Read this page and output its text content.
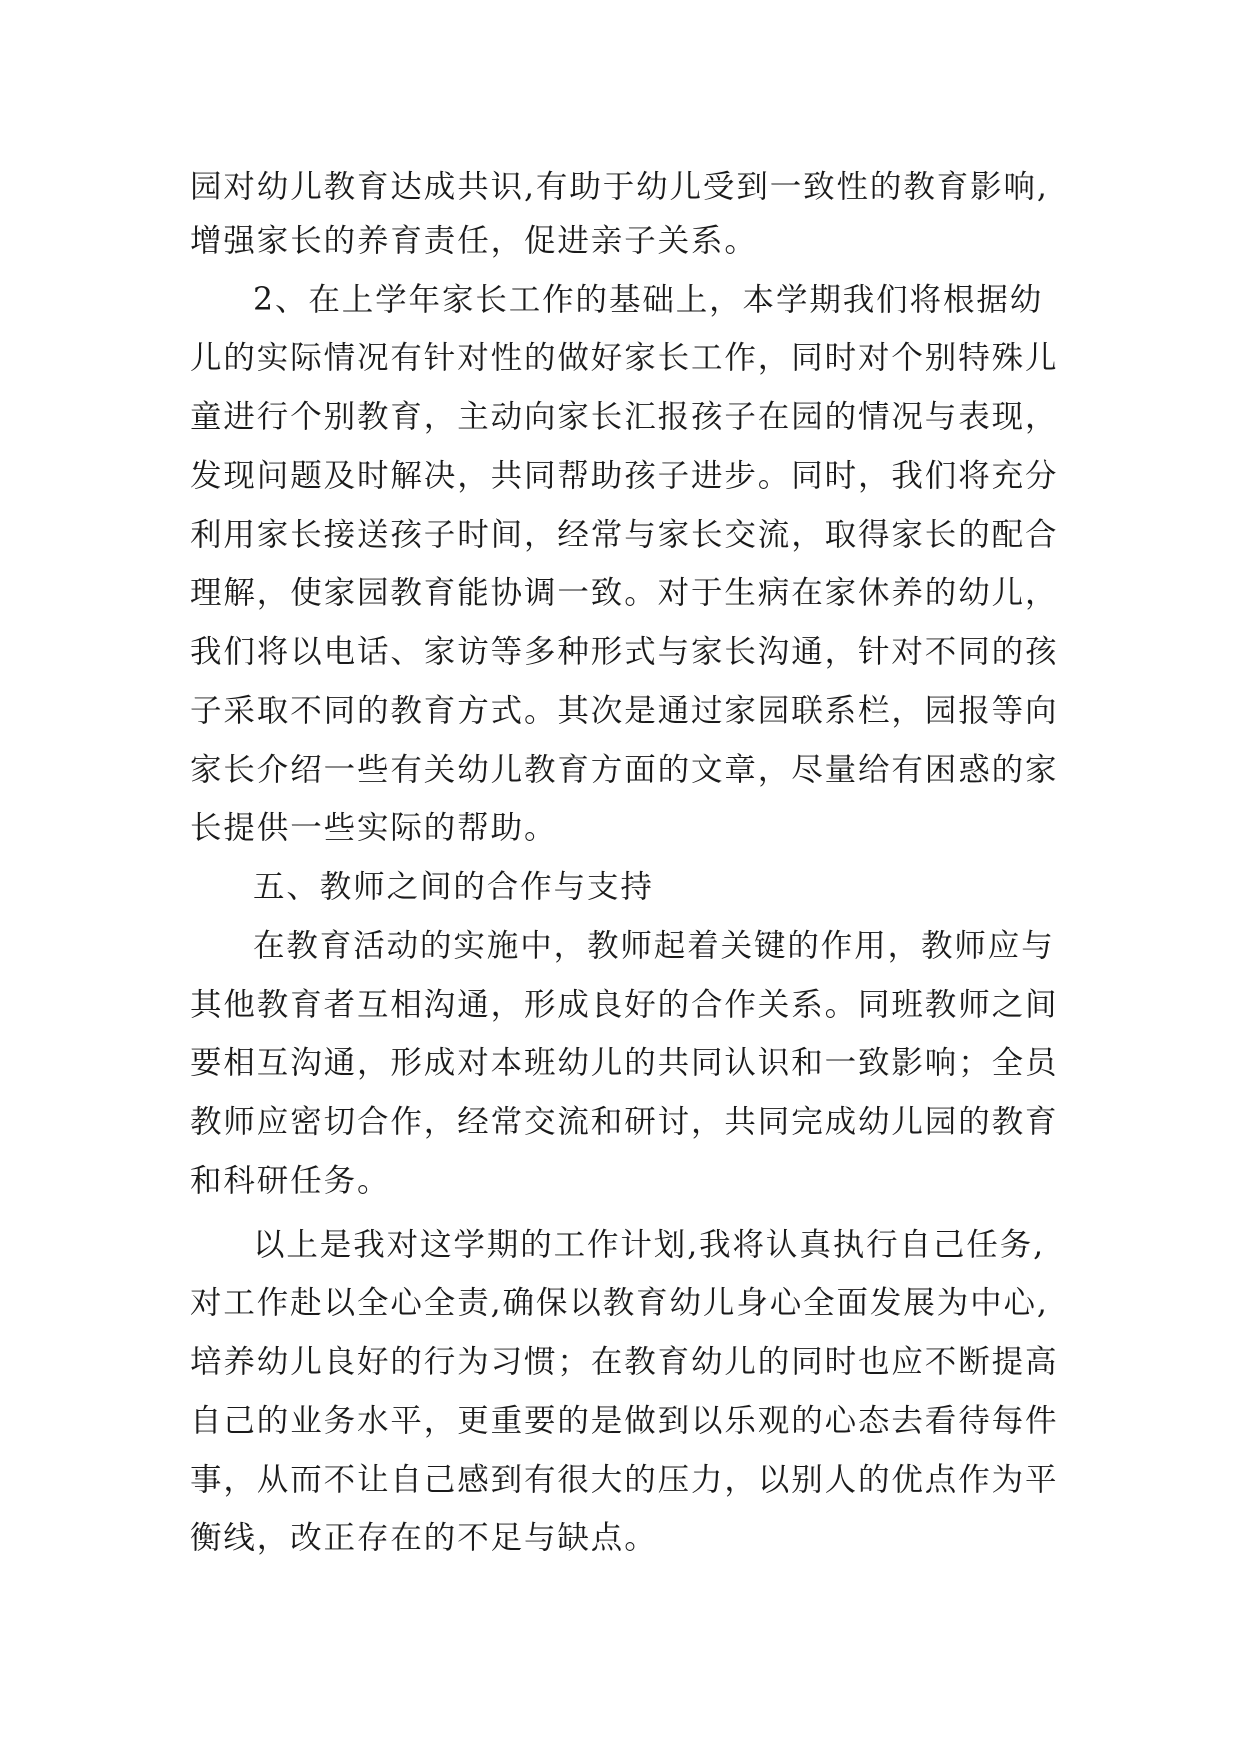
园对幼儿教育达成共识,有助于幼儿受到一致性的教育影响,
增强家长的养育责任，促进亲子关系。
2、在上学年家长工作的基础上，本学期我们将根据幼
儿的实际情况有针对性的做好家长工作，同时对个别特殊儿
童进行个别教育，主动向家长汇报孩子在园的情况与表现，
发现问题及时解决，共同帮助孩子进步。同时，我们将充分
利用家长接送孩子时间，经常与家长交流，取得家长的配合
理解，使家园教育能协调一致。对于生病在家休养的幼儿，
我们将以电话、家访等多种形式与家长沟通，针对不同的孩
子采取不同的教育方式。其次是通过家园联系栏，园报等向
家长介绍一些有关幼儿教育方面的文章，尽量给有困惑的家
长提供一些实际的帮助。
五、教师之间的合作与支持
在教育活动的实施中，教师起着关键的作用，教师应与
其他教育者互相沟通，形成良好的合作关系。同班教师之间
要相互沟通，形成对本班幼儿的共同认识和一致影响；全员
教师应密切合作，经常交流和研讨，共同完成幼儿园的教育
和科研任务。
以上是我对这学期的工作计划,我将认真执行自己任务,
对工作赴以全心全责,确保以教育幼儿身心全面发展为中心,
培养幼儿良好的行为习惯；在教育幼儿的同时也应不断提高
自己的业务水平，更重要的是做到以乐观的心态去看待每件
事，从而不让自己感到有很大的压力，以别人的优点作为平
衡线，改正存在的不足与缺点。
